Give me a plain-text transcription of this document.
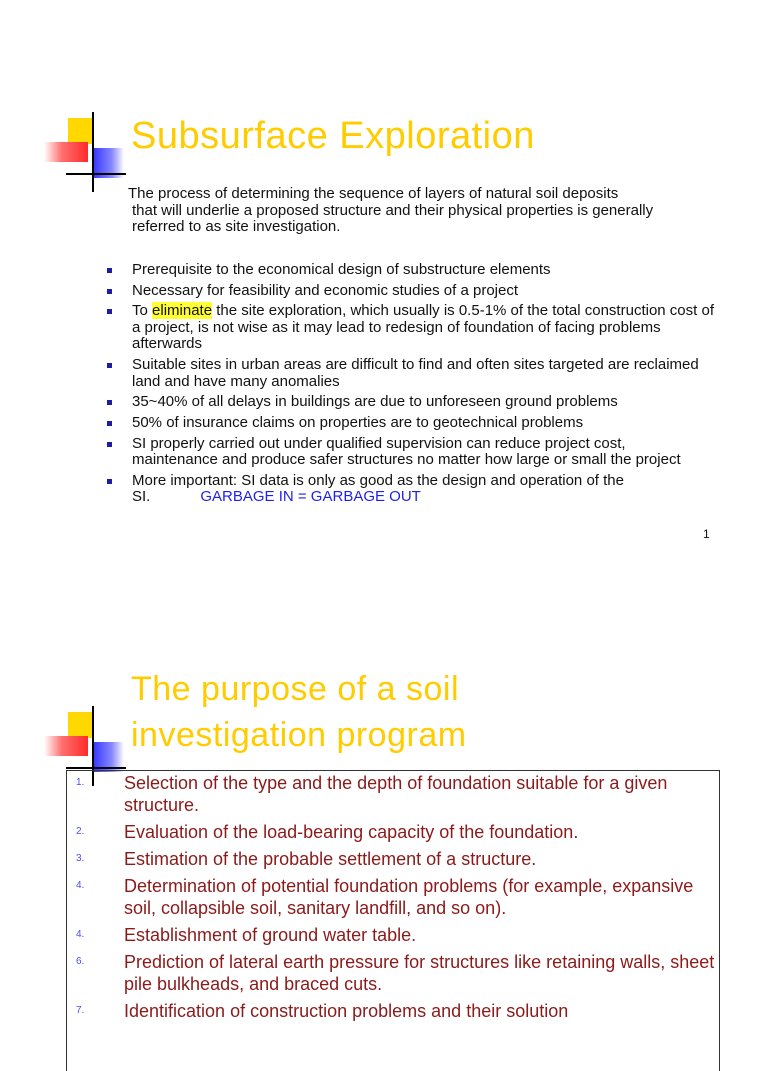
Subsurface Exploration
The process of determining the sequence of layers of natural soil deposits
that will underlie a proposed structure and their physical properties is generally referred to as site investigation.
Prerequisite to the economical design of substructure elements
Necessary for feasibility and economic studies of a project
To eliminate the site exploration, which usually is 0.5-1% of the total construction cost of a project, is not wise as it may lead to redesign of foundation of facing problems afterwards
Suitable sites in urban areas are difficult to find and often sites targeted are reclaimed land and have many anomalies
35~40% of all delays in buildings are due to unforeseen ground problems
50% of insurance claims on properties are to geotechnical problems
SI properly carried out under qualified supervision can reduce project cost, maintenance and produce safer structures no matter how large or small the project
More important: SI data is only as good as the design and operation of the SI.	GARBAGE IN = GARBAGE OUT
1
The purpose of a soil
investigation program
1. Selection of the type and the depth of foundation suitable for a given structure.
2. Evaluation of the load-bearing capacity of the foundation.
3. Estimation of the probable settlement of a structure.
4. Determination of potential foundation problems (for example, expansive soil, collapsible soil, sanitary landfill, and so on).
4. Establishment of ground water table.
6. Prediction of lateral earth pressure for structures like retaining walls, sheet pile bulkheads, and braced cuts.
7. Identification of construction problems and their solution
